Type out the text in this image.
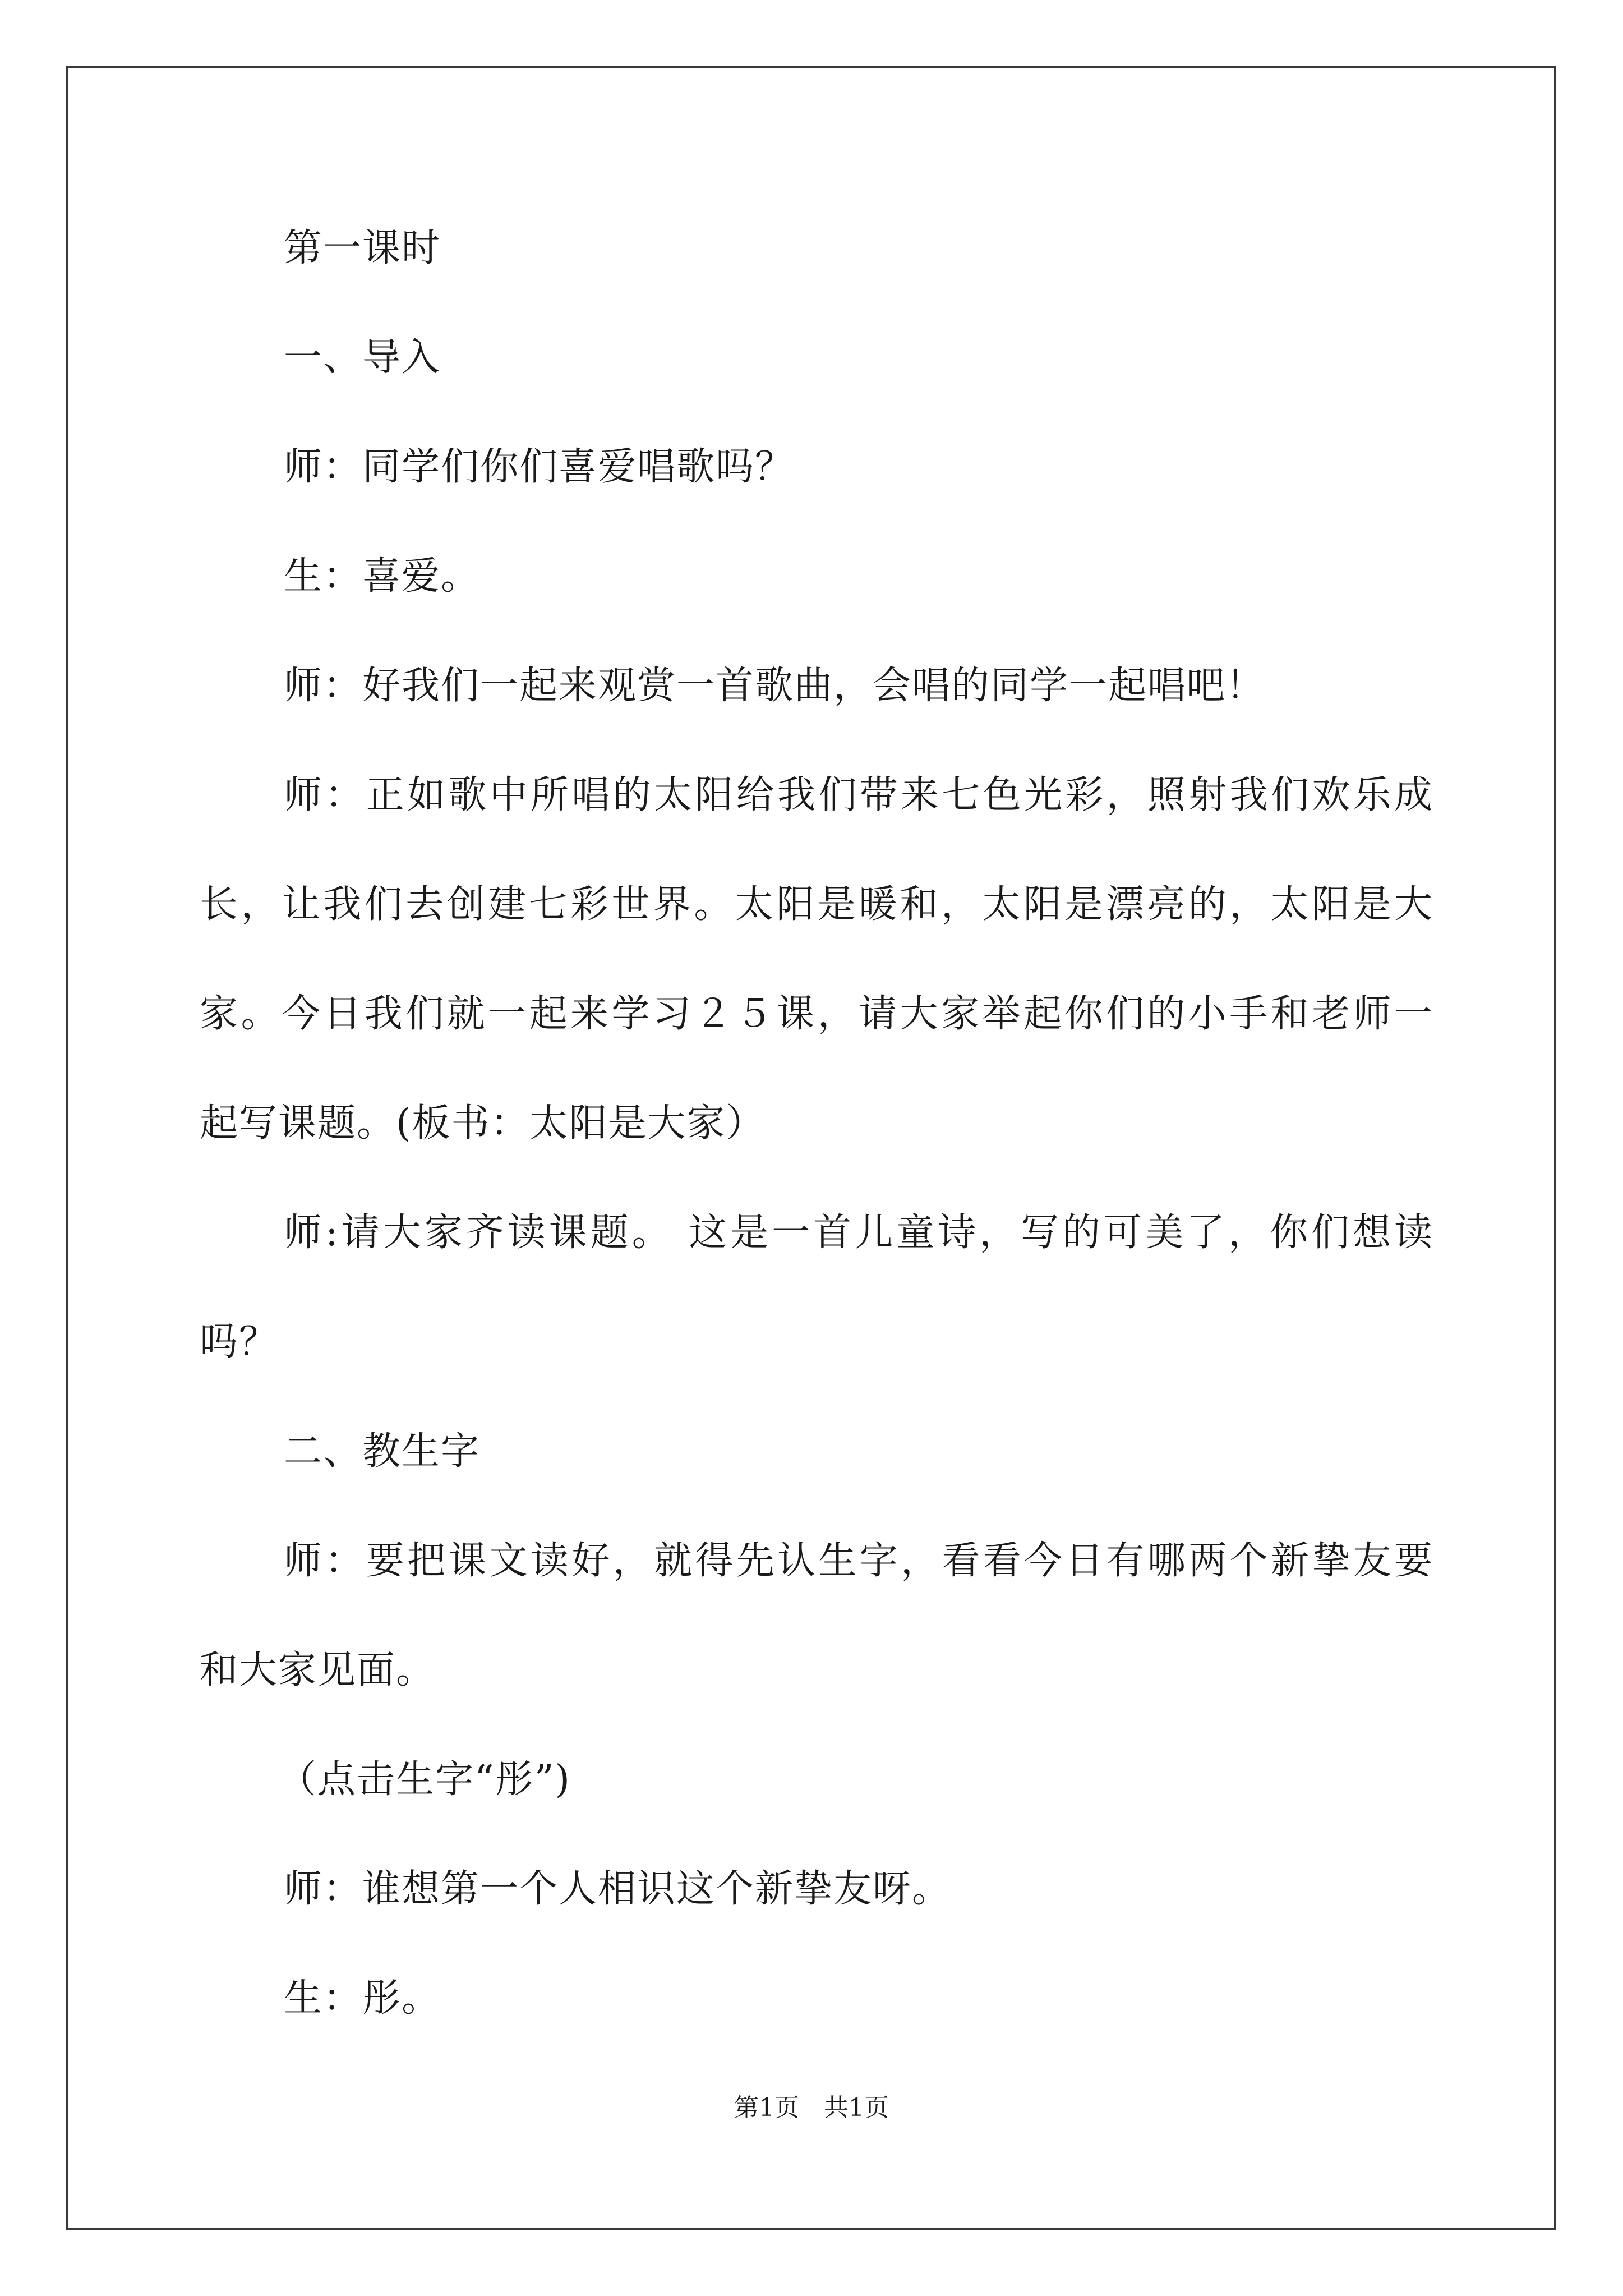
第一课时
一、导入
师：同学们你们喜爱唱歌吗？
生：喜爱。
师：好我们一起来观赏一首歌曲，会唱的同学一起唱吧！
师：正如歌中所唱的太阳给我们带来七色光彩，照射我们欢乐成
长，让我们去创建七彩世界。太阳是暖和，太阳是漂亮的，太阳是大
家。今日我们就一起来学习２５课，请大家举起你们的小手和老师一
起写课题。(板书：太阳是大家）
师:请大家齐读课题。 这是一首儿童诗，写的可美了，你们想读
吗？
二、教生字
师：要把课文读好，就得先认生字，看看今日有哪两个新挚友要
和大家见面。
（点击生字“彤”)
师：谁想第一个人相识这个新挚友呀。
生：彤。
第1页　共1页
